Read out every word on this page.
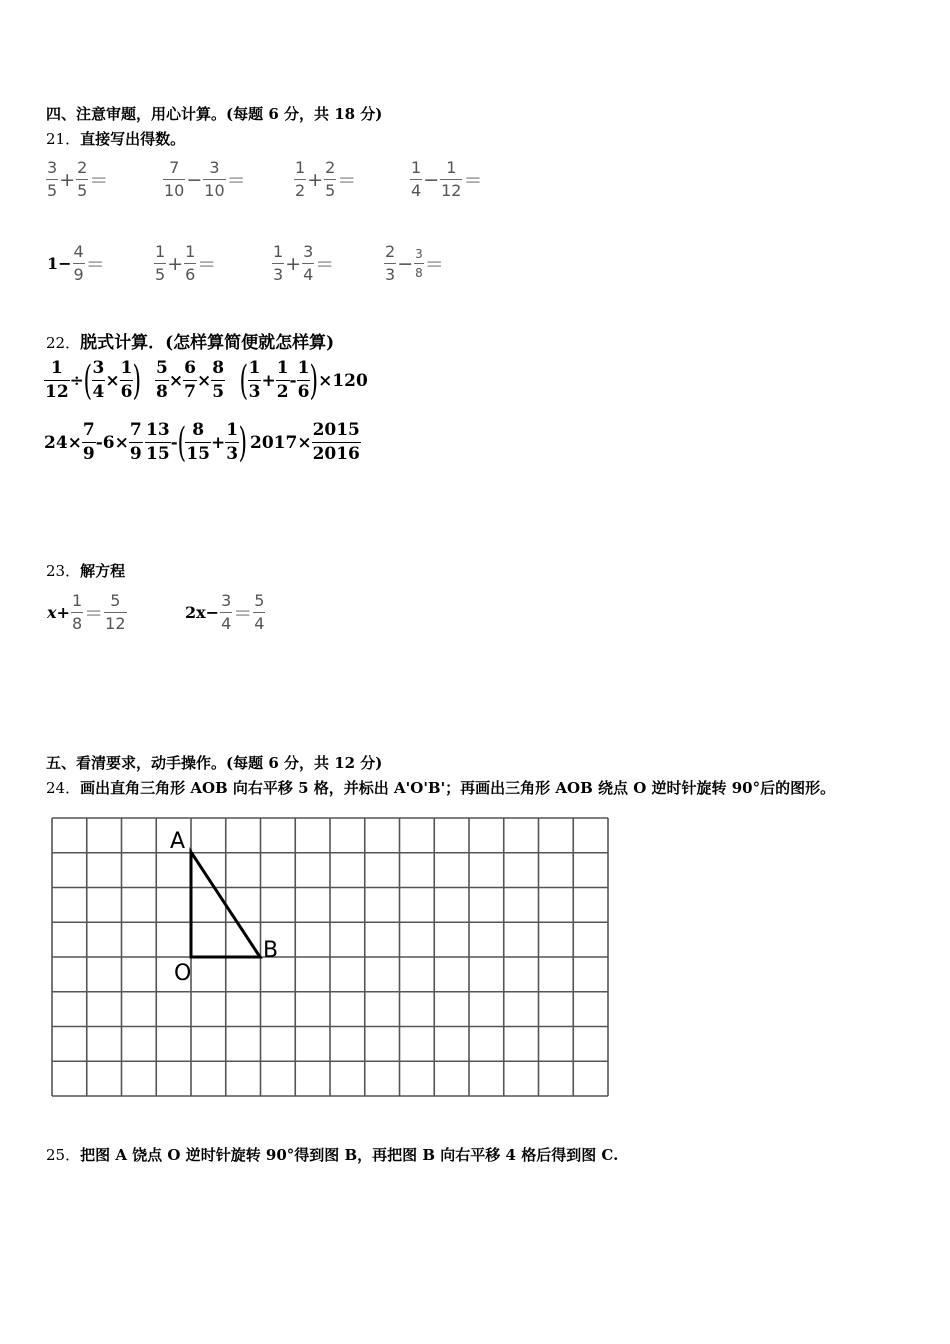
四、注意审题，用心计算。(每题 6 分，共 18 分)
21．直接写出得数。
$\frac{3}{5} + \frac{2}{5}$ ＝	$\frac{7}{10} - \frac{3}{10}$ ＝	$\frac{1}{2} + \frac{2}{5}$ ＝	$\frac{1}{4} - \frac{1}{12}$ ＝
$1- \frac{4}{9}$ ＝	$\frac{1}{5} + \frac{1}{6}$ ＝	$\frac{1}{3} + \frac{3}{4}$ ＝	$\frac{2}{3} - \frac{3}{8}$ ＝
22．脱式计算．(怎样算简便就怎样算)
$\frac{1}{12}$ ÷ ( $\frac{3}{4} \times \frac{1}{6}$ ) $\frac{5}{8} \times \frac{6}{7} \times \frac{8}{5}$ ( $\frac{1}{3} + \frac{1}{2} - \frac{1}{6}$ ) ×120
$24\times \frac{7}{9} -6\times \frac{7}{9} \frac{13}{15}$ - ( $\frac{8}{15} + \frac{1}{3}$ ) $2017\times \frac{2015}{2016}$
23．解方程
$x+ \frac{1}{8} = \frac{5}{12}$	$2x- \frac{3}{4} = \frac{5}{4}$
五、看清要求，动手操作。(每题 6 分，共 12 分)
24．画出直角三角形 AOB 向右平移 5 格，并标出 A'O'B'；再画出三角形 AOB 绕点 O 逆时针旋转 90°后的图形。
A
O
B
25．把图 A 饶点 O 逆时针旋转 90°得到图 B，再把图 B 向右平移 4 格后得到图 C.
